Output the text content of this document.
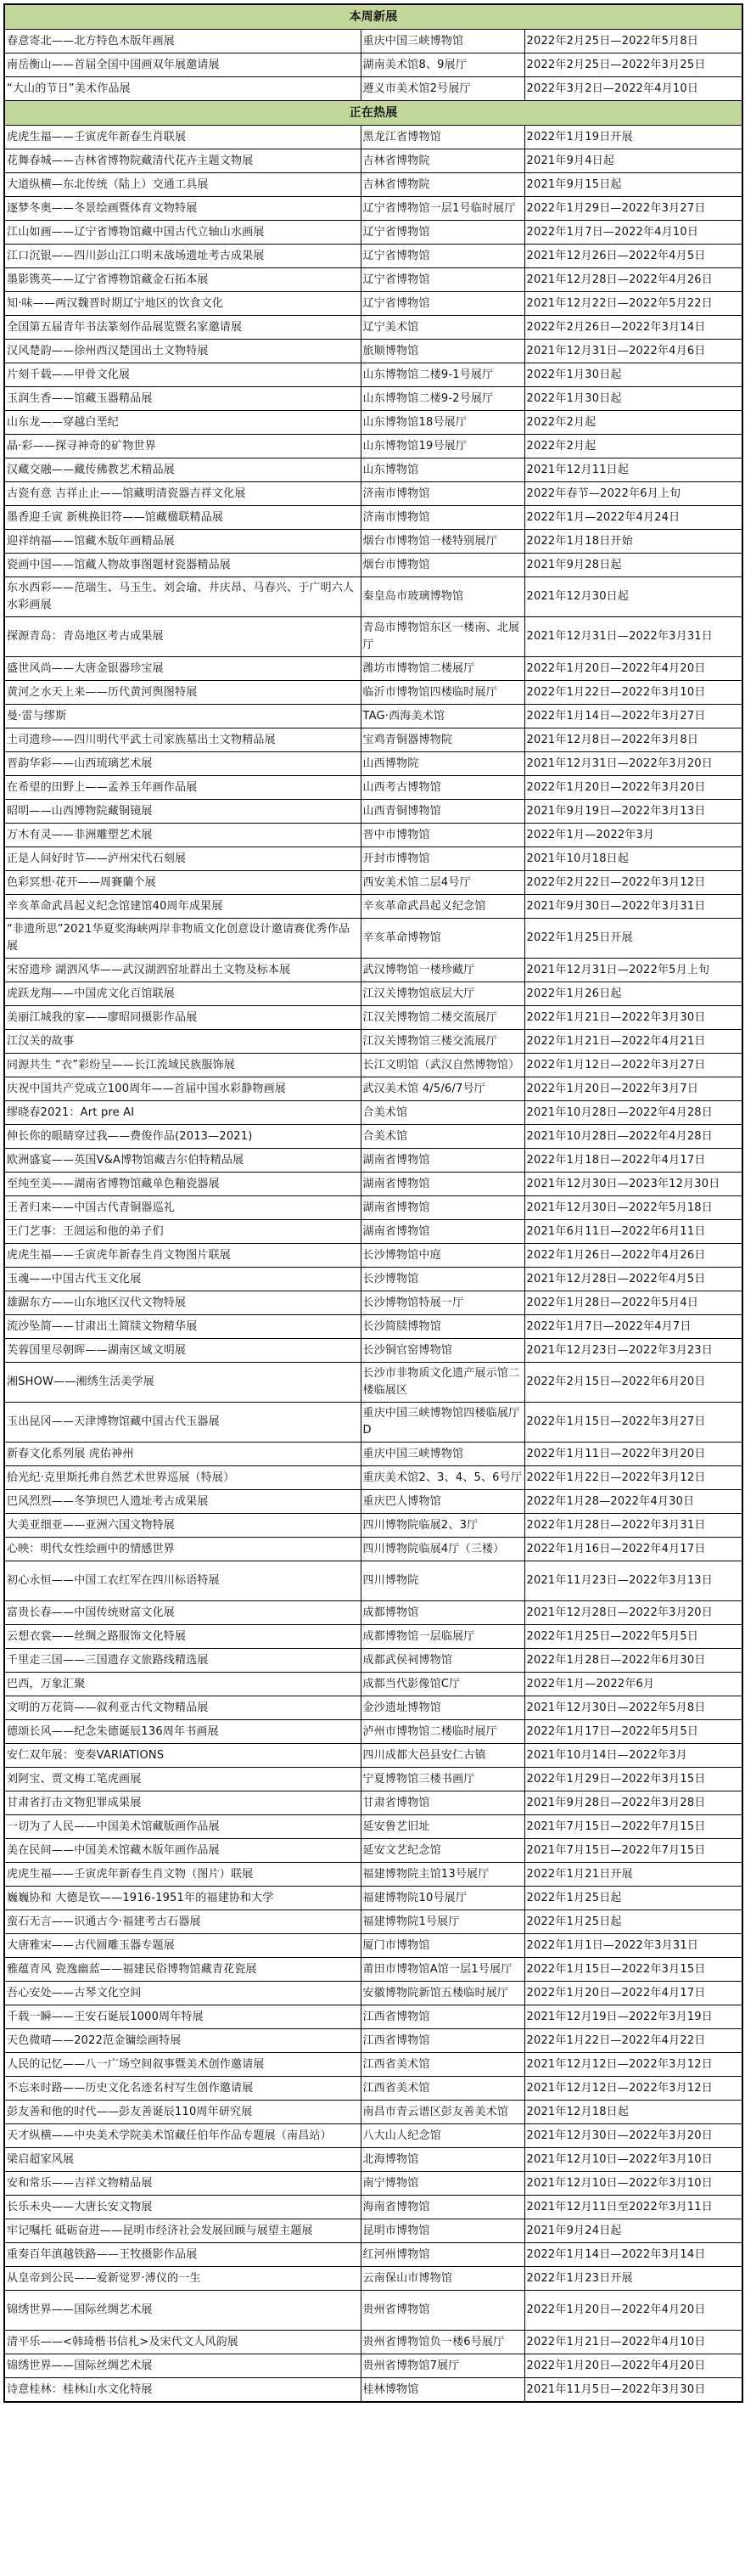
本周新展		
春意寄北——北方特色木版年画展	重庆中国三峡博物馆	2022年2月25日—2022年5月8日
南岳衡山——首届全国中国画双年展邀请展	湖南美术馆8、9展厅	2022年2月25日—2022年3月25日
“大山的节日”美术作品展	遵义市美术馆2号展厅	2022年3月2日—2022年4月10日
正在热展		
虎虎生福——壬寅虎年新春生肖联展	黑龙江省博物馆	2022年1月19日开展
花舞春城——吉林省博物院藏清代花卉主题文物展	吉林省博物院	2021年9月4日起
大道纵横—东北传统（陆上）交通工具展	吉林省博物院	2021年9月15日起
逐梦冬奥——冬景绘画暨体育文物特展	辽宁省博物馆一层1号临时展厅	2022年1月29日—2022年3月27日
江山如画——辽宁省博物馆藏中国古代立轴山水画展	辽宁省博物馆	2022年1月7日—2022年4月10日
江口沉银——四川彭山江口明末战场遗址考古成果展	辽宁省博物馆	2021年12月26日—2022年4月5日
墨影镌英——辽宁省博物馆藏金石拓本展	辽宁省博物馆	2021年12月28日—2022年4月26日
知·味——两汉魏晋时期辽宁地区的饮食文化	辽宁省博物馆	2021年12月22日—2022年5月22日
全国第五届青年书法篆刻作品展览暨名家邀请展	辽宁美术馆	2022年2月26日—2022年3月14日
汉风楚韵——徐州西汉楚国出土文物特展	旅顺博物馆	2021年12月31日—2022年4月6日
片刻千载——甲骨文化展	山东博物馆二楼9-1号展厅	2022年1月30日起
玉润生香——馆藏玉器精品展	山东博物馆二楼9-2号展厅	2022年1月30日起
山东龙——穿越白垩纪	山东博物馆18号展厅	2022年2月起
晶·彩——探寻神奇的矿物世界	山东博物馆19号展厅	2022年2月起
汉藏交融——藏传佛教艺术精品展	山东博物馆	2021年12月11日起
古瓷有意 吉祥止止——馆藏明清瓷器吉祥文化展	济南市博物馆	2022年春节—2022年6月上旬
墨香迎壬寅 新桃换旧符——馆藏楹联精品展	济南市博物馆	2022年1月—2022年4月24日
迎祥纳福——馆藏木版年画精品展	烟台市博物馆一楼特别展厅	2022年1月18日开始
瓷画中国——馆藏人物故事图题材瓷器精品展	烟台市博物馆	2021年9月28日起
东水西彩——范瑞生、马玉生、刘会瑜、井庆昂、马春兴、于广明六人水彩画展	秦皇岛市玻璃博物馆	2021年12月30日起
探源青岛：青岛地区考古成果展	青岛市博物馆东区一楼南、北展厅	2021年12月31日—2022年3月31日
盛世风尚——大唐金银器珍宝展	潍坊市博物馆二楼展厅	2022年1月20日—2022年4月20日
黄河之水天上来——历代黄河舆图特展	临沂市博物馆四楼临时展厅	2022年1月22日—2022年3月10日
曼·雷与缪斯	TAG·西海美术馆	2022年1月14日—2022年3月27日
土司遗珍——四川明代平武土司家族墓出土文物精品展	宝鸡青铜器博物院	2021年12月8日—2022年3月8日
晋韵华彩——山西琉璃艺术展	山西博物院	2021年12月31日—2022年3月20日
在希望的田野上——孟养玉年画作品展	山西考古博物馆	2022年1月20日—2022年3月20日
昭明——山西博物院藏铜镜展	山西青铜博物馆	2021年9月19日—2022年3月13日
万木有灵——非洲雕塑艺术展	晋中市博物馆	2022年1月—2022年3月
正是人间好时节——泸州宋代石刻展	开封市博物馆	2021年10月18日起
色彩冥想·花开——周賽蘭个展	西安美术馆二层4号厅	2022年2月22日—2022年3月12日
辛亥革命武昌起义纪念馆建馆40周年成果展	辛亥革命武昌起义纪念馆	2021年9月30日—2022年3月31日
“非遗所思”2021华夏奖海峡两岸非物质文化创意设计邀请赛优秀作品展	辛亥革命博物馆	2022年1月25日开展
宋窑遗珍 湖泗风华——武汉湖泗窑址群出土文物及标本展	武汉博物馆一楼珍藏厅	2021年12月31日—2022年5月上旬
虎跃龙翔——中国虎文化百馆联展	江汉关博物馆底层大厅	2022年1月26日起
美丽江城我的家——廖昭同摄影作品展	江汉关博物馆二楼交流展厅	2022年1月21日—2022年3月30日
江汉关的故事	江汉关博物馆三楼交流展厅	2022年1月21日—2022年4月21日
同源共生 “衣”彩纷呈——长江流域民族服饰展	长江文明馆（武汉自然博物馆）	2022年1月12日—2022年3月27日
庆祝中国共产党成立100周年——首届中国水彩静物画展	武汉美术馆 4/5/6/7号厅	2022年1月20日—2022年3月7日
缪晓春2021：Art pre AI	合美术馆	2021年10月28日—2022年4月28日
伸长你的眼睛穿过我——费俊作品(2013—2021)	合美术馆	2021年10月28日—2022年4月28日
欧洲盛宴——英国V&A博物馆藏吉尔伯特精品展	湖南省博物馆	2022年1月18日—2022年4月17日
至纯至美——湖南省博物馆藏单色釉瓷器展	湖南省博物馆	2021年12月30日—2023年12月30日
王者归来——中国古代青铜器巡礼	湖南省博物馆	2021年12月30日—2022年5月18日
王门艺事：王闿运和他的弟子们	湖南省博物馆	2021年6月11日—2022年6月11日
虎虎生福——壬寅虎年新春生肖文物图片联展	长沙博物馆中庭	2022年1月26日—2022年4月26日
玉魂——中国古代玉文化展	长沙博物馆	2021年12月28日—2022年4月5日
雄踞东方——山东地区汉代文物特展	长沙博物馆特展一厅	2022年1月28日—2022年5月4日
流沙坠简——甘肃出土简牍文物精华展	长沙简牍博物馆	2022年1月7日—2022年4月7日
芙蓉国里尽朝晖——湖南区域文明展	长沙铜官窑博物馆	2021年12月23日—2022年3月23日
湘SHOW——湘绣生活美学展	长沙市非物质文化遗产展示馆二楼临展区	2022年2月15日—2022年6月20日
玉出昆冈——天津博物馆藏中国古代玉器展	重庆中国三峡博物馆四楼临展厅D	2022年1月15日—2022年3月27日
新春文化系列展 虎佑神州	重庆中国三峡博物馆	2022年1月11日—2022年3月20日
拾光纪·克里斯托弗自然艺术世界巡展（特展）	重庆美术馆2、3、4、5、6号厅	2022年1月22日—2022年3月12日
巴风烈烈——冬笋坝巴人遗址考古成果展	重庆巴人博物馆	2022年1月28—2022年4月30日
大美亚细亚——亚洲六国文物特展	四川博物院临展2、3厅	2022年1月28日—2022年3月31日
心映：明代女性绘画中的情感世界	四川博物院临展4厅（三楼）	2022年1月16日—2022年4月17日
初心永恒——中国工农红军在四川标语特展	四川博物院	2021年11月23日—2022年3月13日
富贵长春——中国传统财富文化展	成都博物馆	2021年12月28日—2022年3月20日
云想衣裳——丝绸之路服饰文化特展	成都博物馆一层临展厅	2022年1月25日—2022年5月5日
千里走三国——三国遗存文旅路线精选展	成都武侯祠博物馆	2022年1月28日—2022年6月30日
巴西，万象汇聚	成都当代影像馆C厅	2022年1月—2022年6月
文明的万花筒——叙利亚古代文物精品展	金沙遗址博物馆	2021年12月30日—2022年5月8日
德颂长风——纪念朱德诞辰136周年书画展	泸州市博物馆二楼临时展厅	2022年1月17日—2022年5月5日
安仁双年展：变奏VARIATIONS	四川成都大邑县安仁古镇	2021年10月14日—2022年3月
刘阿宝、贾文梅工笔虎画展	宁夏博物馆三楼书画厅	2022年1月29日—2022年3月15日
甘肃省打击文物犯罪成果展	甘肃省博物馆	2021年9月28日—2022年3月28日
一切为了人民——中国美术馆藏版画作品展	延安鲁艺旧址	2021年7月15日—2022年7月15日
美在民间——中国美术馆藏木版年画作品展	延安文艺纪念馆	2021年7月15日—2022年7月15日
虎虎生福——壬寅虎年新春生肖文物（图片）联展	福建博物院主馆13号展厅	2022年1月21日开展
巍巍协和 大德是钦——1916-1951年的福建协和大学	福建博物院10号展厅	2022年1月25日起
蛮石无言——识通古今·福建考古石器展	福建博物院1号展厅	2022年1月25日起
大唐雅宋——古代圆雕玉器专题展	厦门市博物馆	2022年1月1日—2022年3月31日
雅蕴青风 瓷逸幽蓝——福建民俗博物馆藏青花瓷展	莆田市博物馆A馆一层1号展厅	2022年1月15日—2022年3月15日
吾心安处——古琴文化空间	安徽博物院新馆五楼临时展厅	2022年1月20日—2022年4月17日
千载一瞬——王安石诞辰1000周年特展	江西省博物馆	2021年12月19日—2022年3月19日
天色微晴——2022范金镛绘画特展	江西省博物馆	2022年1月22日—2022年4月22日
人民的记忆——八一广场空间叙事暨美术创作邀请展	江西省美术馆	2021年12月12日—2022年3月12日
不忘来时路——历史文化名迹名村写生创作邀请展	江西省美术馆	2021年12月12日—2022年3月12日
彭友善和他的时代——彭友善诞辰110周年研究展	南昌市青云谱区彭友善美术馆	2021年12月18日起
天才纵横——中央美术学院美术馆藏任伯年作品专题展（南昌站）	八大山人纪念馆	2021年12月30日—2022年3月20日
梁启超家风展	北海博物馆	2021年12月10日—2022年3月10日
安和常乐——吉祥文物精品展	南宁博物馆	2021年12月10日—2022年3月10日
长乐未央——大唐长安文物展	海南省博物馆	2021年12月11日至2022年3月11日
牢记嘱托 砥砺奋进——昆明市经济社会发展回顾与展望主题展	昆明市博物馆	2021年9月24日起
重奏百年滇越铁路——王牧摄影作品展	红河州博物馆	2022年1月14日—2022年3月14日
从皇帝到公民——爱新觉罗·溥仪的一生	云南保山市博物馆	2022年1月23日开展
锦绣世界——国际丝绸艺术展	贵州省博物馆	2022年1月20日—2022年4月20日
清平乐——<韩琦楷书信札>及宋代文人风韵展	贵州省博物馆负一楼6号展厅	2022年1月21日—2022年4月10日
锦绣世界——国际丝绸艺术展	贵州省博物馆7展厅	2022年1月20日—2022年4月20日
诗意桂林：桂林山水文化特展	桂林博物馆	2021年11月5日—2022年3月30日
